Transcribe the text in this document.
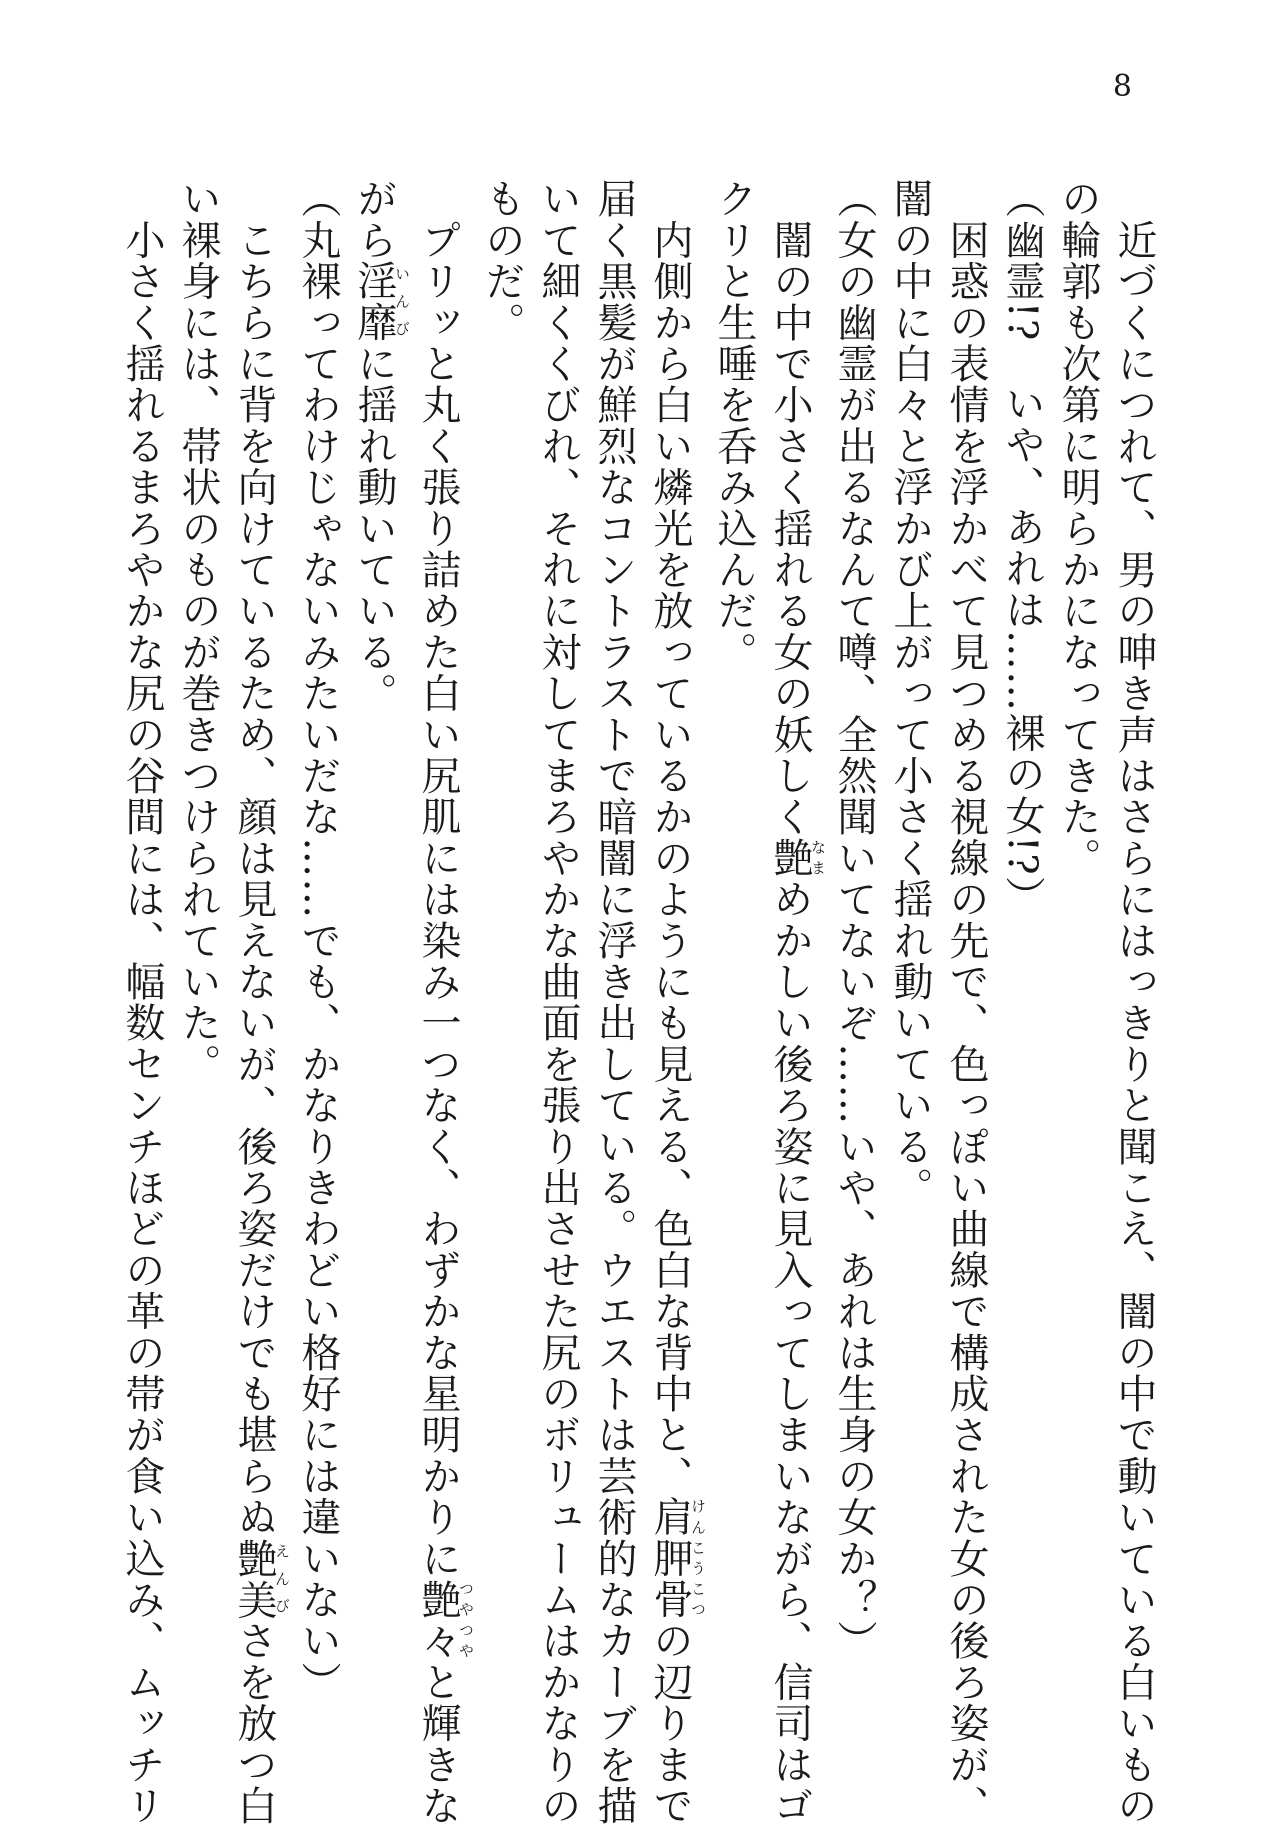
8
　近づくにつれて、男の呻き声はさらにはっきりと聞こえ、闇の中で動いている白いもの
の輪郭も次第に明らかになってきた。
（幽霊!?　いや、あれは……裸の女!?）
　困惑の表情を浮かべて見つめる視線の先で、色っぽい曲線で構成された女の後ろ姿が、
闇の中に白々と浮かび上がって小さく揺れ動いている。
（女の幽霊が出るなんて噂、全然聞いてないぞ……いや、あれは生身の女か？）
　闇の中で小さく揺れる女の妖しく艶なまめかしい後ろ姿に見入ってしまいながら、信司はゴ
クリと生唾を呑み込んだ。
　内側から白い燐光を放っているかのようにも見える、色白な背中と、肩胛骨けんこうこつの辺りまで
届く黒髪が鮮烈なコントラストで暗闇に浮き出している。ウエストは芸術的なカーブを描
いて細くくびれ、それに対してまろやかな曲面を張り出させた尻のボリュームはかなりの
ものだ。
　プリッと丸く張り詰めた白い尻肌には染み一つなく、わずかな星明かりに艶々つやつやと輝きな
がら淫靡いんびに揺れ動いている。
（丸裸ってわけじゃないみたいだな……でも、かなりきわどい格好には違いない）
　こちらに背を向けているため、顔は見えないが、後ろ姿だけでも堪らぬ艶美えんびさを放つ白
い裸身には、帯状のものが巻きつけられていた。
　小さく揺れるまろやかな尻の谷間には、幅数センチほどの革の帯が食い込み、ムッチリ
